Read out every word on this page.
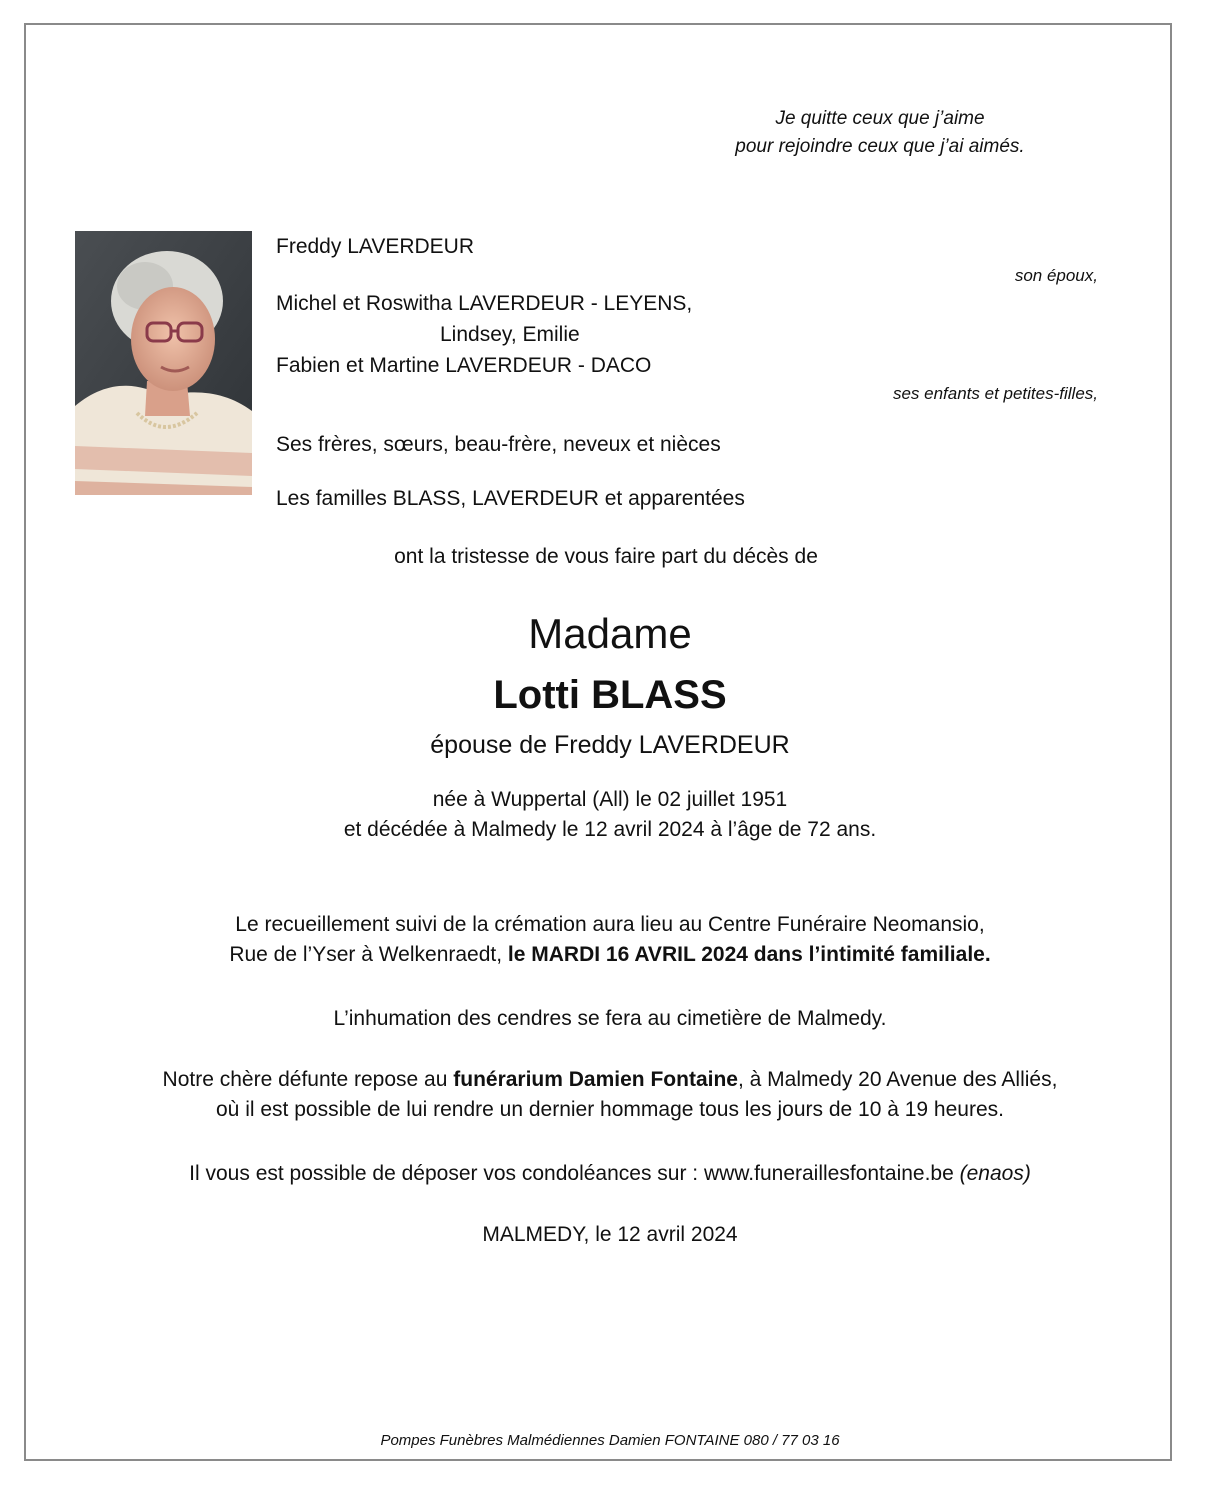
Je quitte ceux que j’aime
pour rejoindre ceux que j’ai aimés.
Freddy LAVERDEUR
son époux,
Michel et Roswitha LAVERDEUR - LEYENS,
Lindsey, Emilie
Fabien et Martine LAVERDEUR - DACO
ses enfants et petites-filles,
Ses frères, sœurs, beau-frère, neveux et nièces
Les familles BLASS, LAVERDEUR et apparentées
ont la tristesse de vous faire part du décès de
Madame
Lotti BLASS
épouse de Freddy LAVERDEUR
née à Wuppertal (All) le 02 juillet 1951
et décédée à Malmedy le 12 avril 2024 à l’âge de 72 ans.
Le recueillement suivi de la crémation aura lieu au Centre Funéraire Neomansio,
Rue de l’Yser à Welkenraedt, le MARDI 16 AVRIL 2024 dans l’intimité familiale.
L’inhumation des cendres se fera au cimetière de Malmedy.
Notre chère défunte repose au funérarium Damien Fontaine, à Malmedy 20 Avenue des Alliés,
où il est possible de lui rendre un dernier hommage tous les jours de 10 à 19 heures.
Il vous est possible de déposer vos condoléances sur : www.funeraillesfontaine.be (enaos)
MALMEDY, le 12 avril 2024
Pompes Funèbres Malmédiennes Damien FONTAINE 080 / 77 03 16
